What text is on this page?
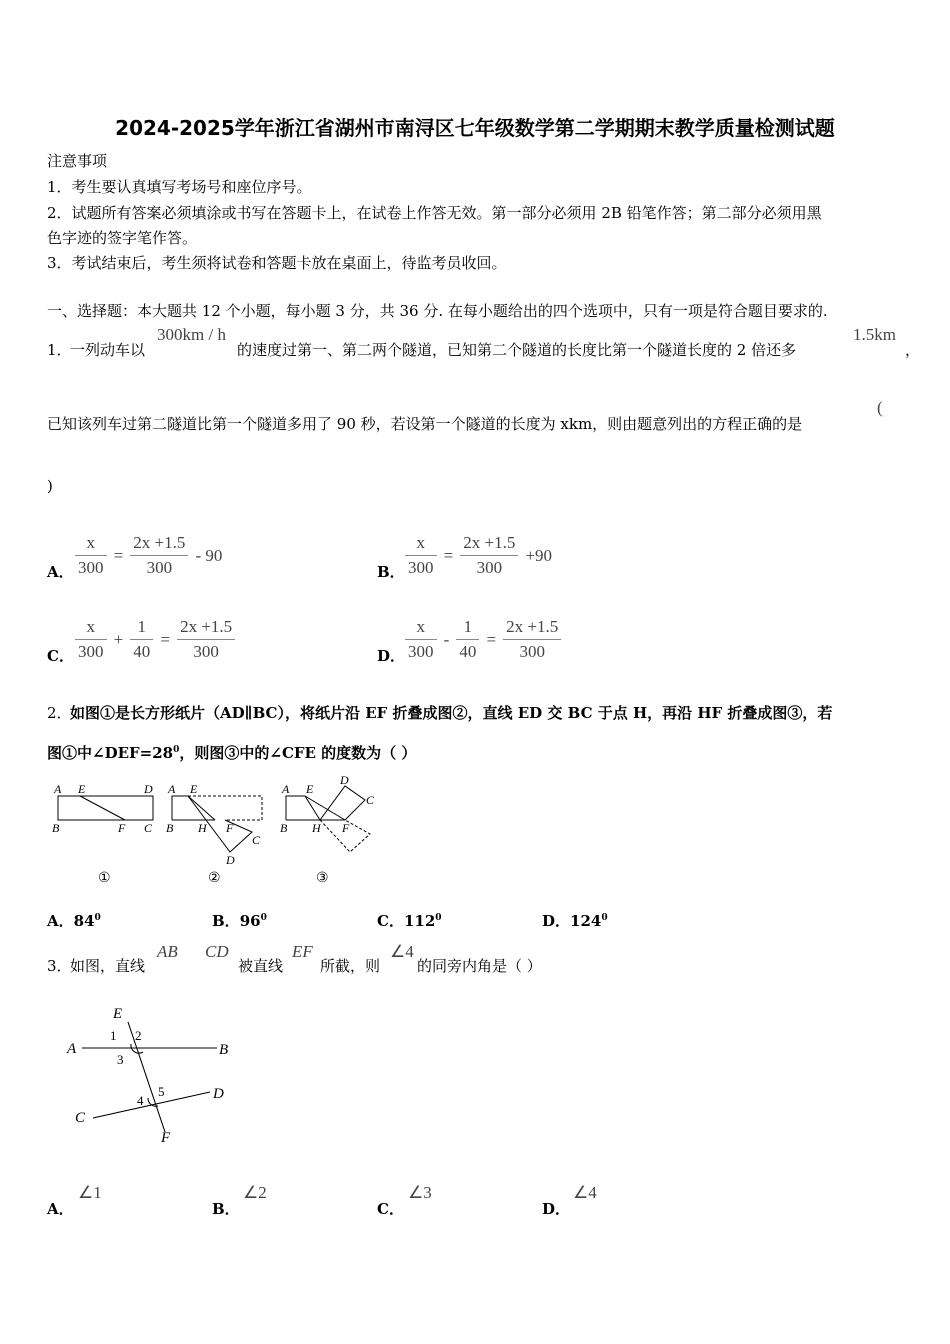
2024-2025学年浙江省湖州市南浔区七年级数学第二学期期末教学质量检测试题
注意事项
1．考生要认真填写考场号和座位序号。
2．试题所有答案必须填涂或书写在答题卡上，在试卷上作答无效。第一部分必须用 2B 铅笔作答；第二部分必须用黑
色字迹的签字笔作答。
3．考试结束后，考生须将试卷和答题卡放在桌面上，待监考员收回。
一、选择题：本大题共 12 个小题，每小题 3 分，共 36 分. 在每小题给出的四个选项中，只有一项是符合题目要求的.
1．
一列动车以
300km / h
的速度过第一、第二两个隧道，已知第二个隧道的长度比第一个隧道长度的 2 倍还多
1.5km
，
已知该列车过第二隧道比第一个隧道多用了 90 秒，若设第一个隧道的长度为 xkm，则由题意列出的方程正确的是
(
)
A． $\frac{x}{300} = \frac{2x +1.5}{300} - 90$
B． $\frac{x}{300} = \frac{2x +1.5}{300} +90$
C． $\frac{x}{300} + \frac{1}{40} = \frac{2x +1.5}{300}$	D． $\frac{x}{300} - \frac{1}{40} = \frac{2x +1.5}{300}$
2．
如图①是长方形纸片（AD∥BC），将纸片沿 EF 折叠成图②，直线 ED 交 BC 于点 H，再沿 HF 折叠成图③，若
图①中$\angle DEF=28^0$，则图③中的∠CFE 的度数为（ ）
A E	D
B	F C
A E
B H F
C
D
A E
D
C
B H F
①	②	③
A．$84^0$	B．$96^0$	C．$112^0$	D．$124^0$
3．
如图，直线
AB CD
被直线
EF
所截，则
∠4
的同旁内角是（ ）
A	B
C
D
E
F
1 2
3
4
5
A．
∠1
B．
∠2
C．
∠3
D．
∠4
